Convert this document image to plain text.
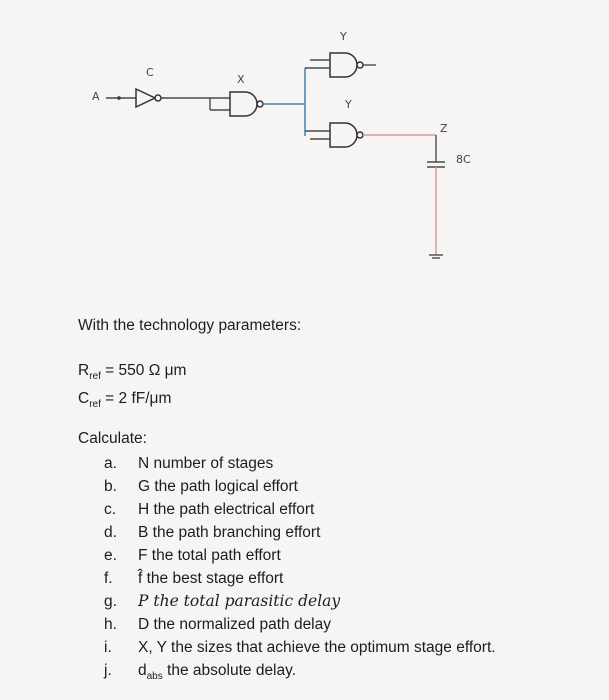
A
C
X
Y
Y
Z
8C
With the technology parameters:
$R_{ref} = 550$ Ω μm
$C_{ref} = 2$ fF/μm
Calculate:
a.	N number of stages
b.	G the path logical effort
c.	H the path electrical effort
d.	B the path branching effort
e.	F the total path effort
f.	f̂ the best stage effort
g.	P the total parasitic delay
h.	D the normalized path delay
i.	X, Y the sizes that achieve the optimum stage effort.
j.	$d_{abs}$ the absolute delay.
